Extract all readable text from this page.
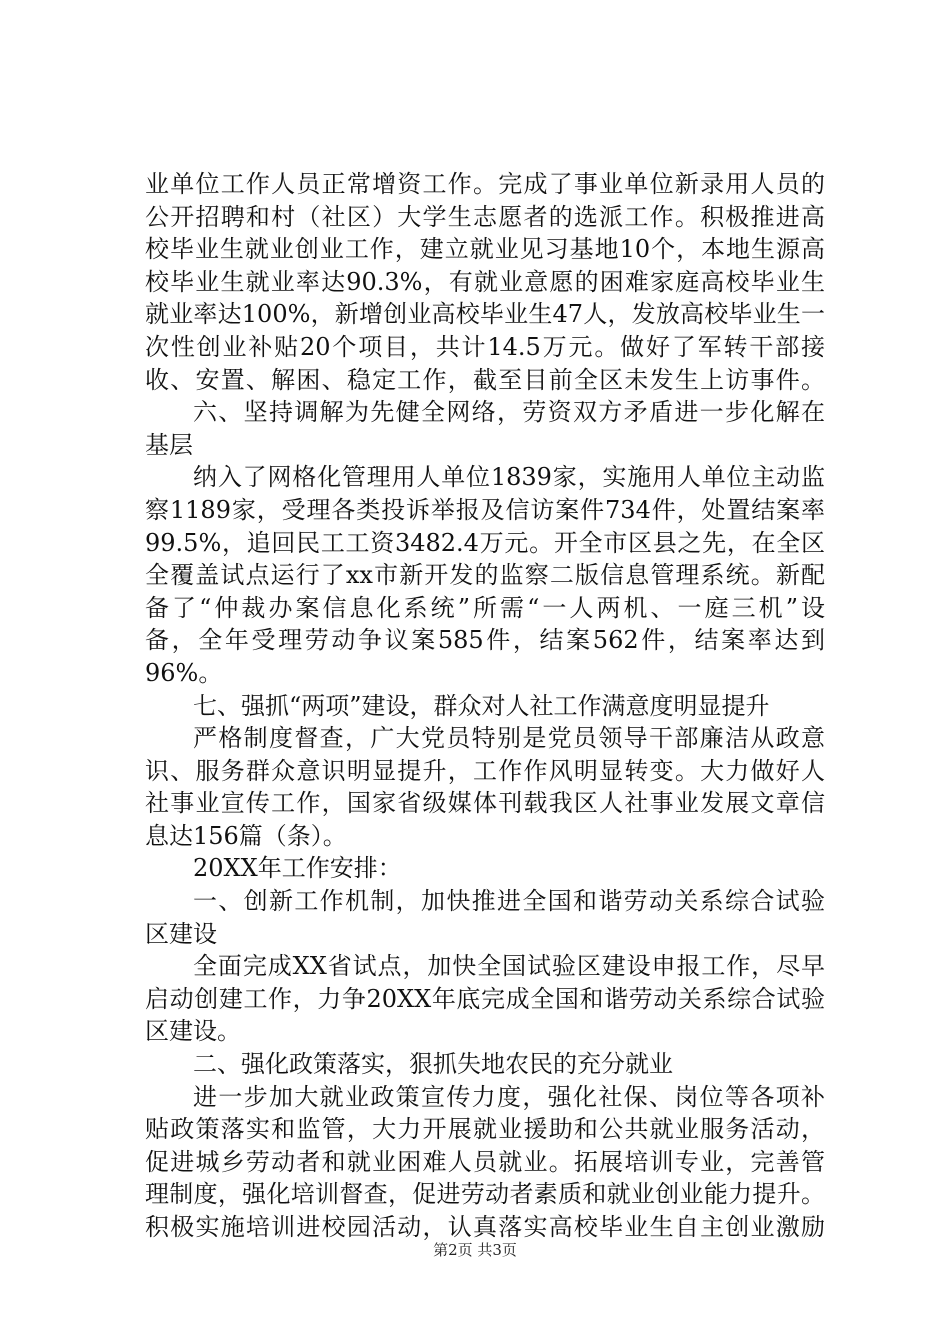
业单位工作人员正常增资工作。完成了事业单位新录用人员的
公开招聘和村（社区）大学生志愿者的选派工作。积极推进高
校毕业生就业创业工作，建立就业见习基地10个，本地生源高
校毕业生就业率达90.3%，有就业意愿的困难家庭高校毕业生
就业率达100%，新增创业高校毕业生47人，发放高校毕业生一
次性创业补贴20个项目，共计14.5万元。做好了军转干部接
收、安置、解困、稳定工作，截至目前全区未发生上访事件。
六、坚持调解为先健全网络，劳资双方矛盾进一步化解在
基层
纳入了网格化管理用人单位1839家，实施用人单位主动监
察1189家，受理各类投诉举报及信访案件734件，处置结案率
99.5%，追回民工工资3482.4万元。开全市区县之先，在全区
全覆盖试点运行了xx市新开发的监察二版信息管理系统。新配
备了“仲裁办案信息化系统”所需“一人两机、一庭三机”设
备，全年受理劳动争议案585件，结案562件，结案率达到
96%。
七、强抓“两项”建设，群众对人社工作满意度明显提升
严格制度督查，广大党员特别是党员领导干部廉洁从政意
识、服务群众意识明显提升，工作作风明显转变。大力做好人
社事业宣传工作，国家省级媒体刊载我区人社事业发展文章信
息达156篇（条）。
20XX年工作安排：
一、创新工作机制，加快推进全国和谐劳动关系综合试验
区建设
全面完成XX省试点，加快全国试验区建设申报工作，尽早
启动创建工作，力争20XX年底完成全国和谐劳动关系综合试验
区建设。
二、强化政策落实，狠抓失地农民的充分就业
进一步加大就业政策宣传力度，强化社保、岗位等各项补
贴政策落实和监管，大力开展就业援助和公共就业服务活动，
促进城乡劳动者和就业困难人员就业。拓展培训专业，完善管
理制度，强化培训督查，促进劳动者素质和就业创业能力提升。
积极实施培训进校园活动，认真落实高校毕业生自主创业激励
第2页 共3页
